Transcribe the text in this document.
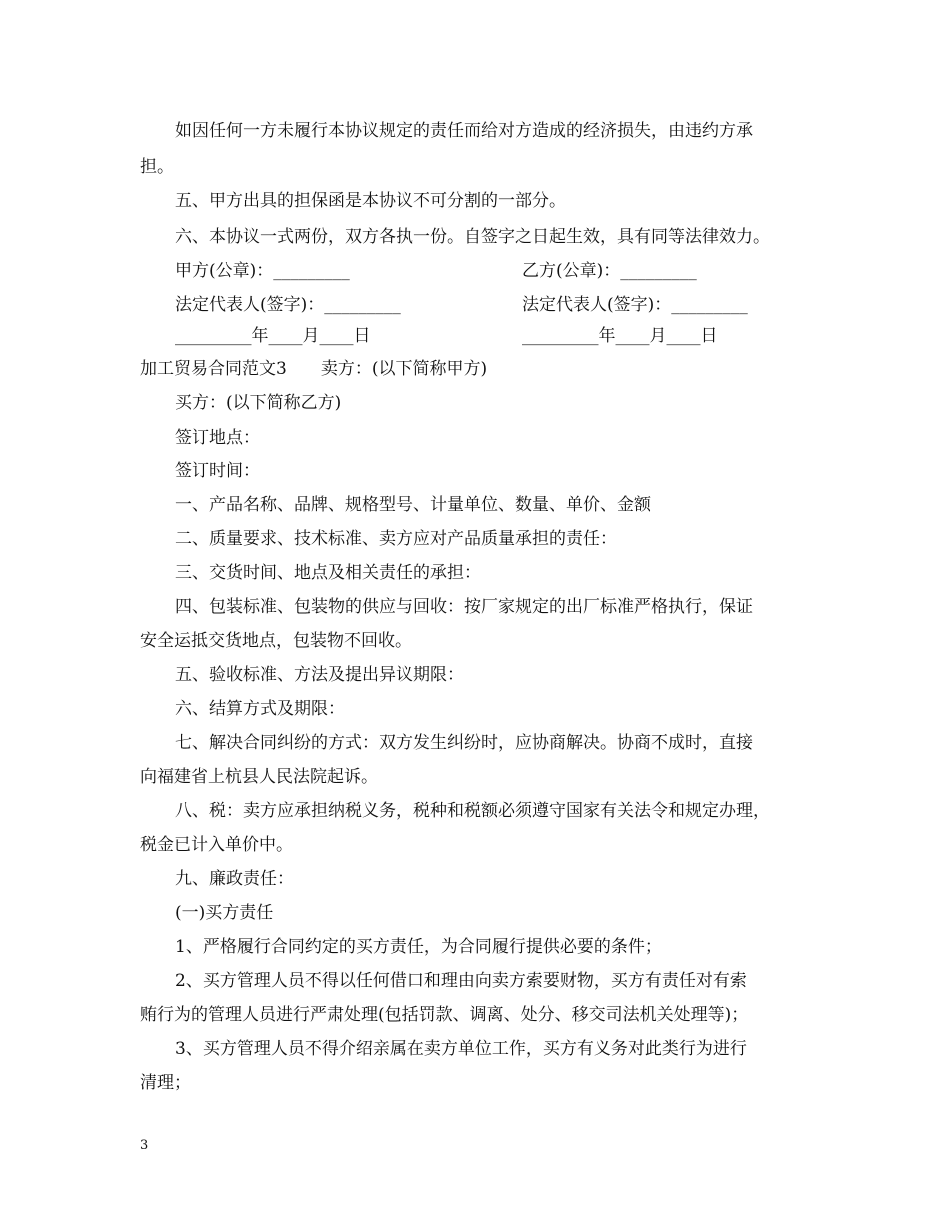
如因任何一方未履行本协议规定的责任而给对方造成的经济损失，由违约方承
担。
五、甲方出具的担保函是本协议不可分割的一部分。
六、本协议一式两份，双方各执一份。自签字之日起生效，具有同等法律效力。
甲方(公章)：_________	乙方(公章)：_________
法定代表人(签字)：_________	法定代表人(签字)：_________
_________年____月____日	_________年____月____日
加工贸易合同范文3　　卖方：(以下简称甲方)
买方：(以下简称乙方)
签订地点：
签订时间：
一、产品名称、品牌、规格型号、计量单位、数量、单价、金额
二、质量要求、技术标准、卖方应对产品质量承担的责任：
三、交货时间、地点及相关责任的承担：
四、包装标准、包装物的供应与回收：按厂家规定的出厂标准严格执行，保证
安全运抵交货地点，包装物不回收。
五、验收标准、方法及提出异议期限：
六、结算方式及期限：
七、解决合同纠纷的方式：双方发生纠纷时，应协商解决。协商不成时，直接
向福建省上杭县人民法院起诉。
八、税：卖方应承担纳税义务，税种和税额必须遵守国家有关法令和规定办理，
税金已计入单价中。
九、廉政责任：
(一)买方责任
1、严格履行合同约定的买方责任，为合同履行提供必要的条件；
2、买方管理人员不得以任何借口和理由向卖方索要财物，买方有责任对有索
贿行为的管理人员进行严肃处理(包括罚款、调离、处分、移交司法机关处理等)；
3、买方管理人员不得介绍亲属在卖方单位工作，买方有义务对此类行为进行
清理；
3
